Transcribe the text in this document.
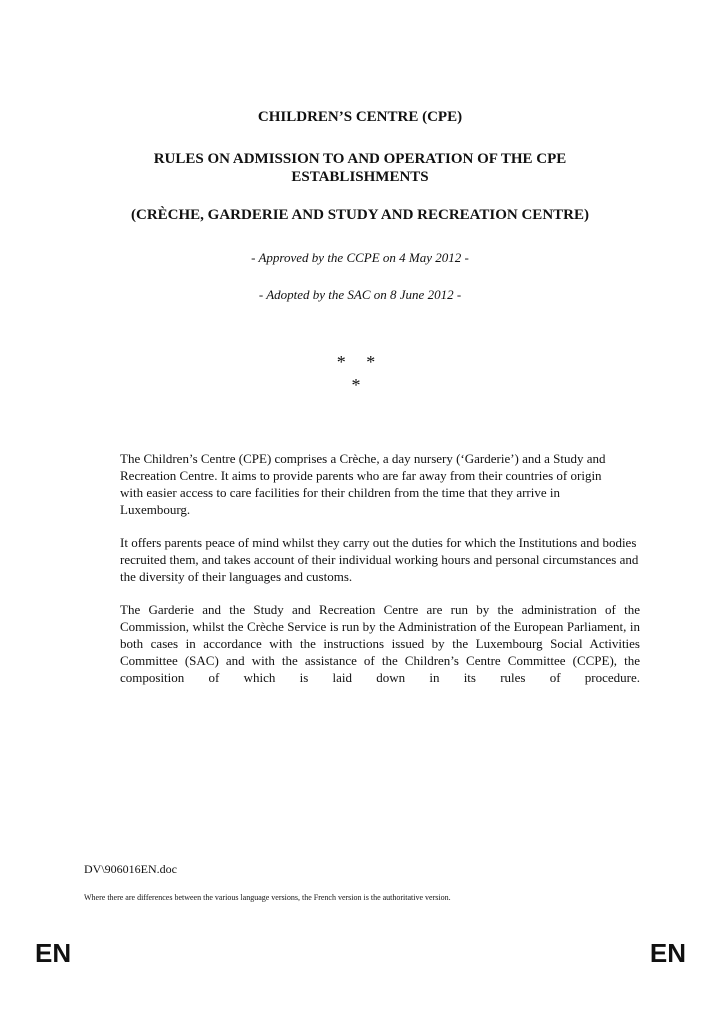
CHILDREN’S CENTRE (CPE)
RULES ON ADMISSION TO AND OPERATION OF THE CPE ESTABLISHMENTS
(CRÈCHE, GARDERIE AND STUDY AND RECREATION CENTRE)
- Approved by the CCPE on 4 May 2012 -
- Adopted by the SAC on 8 June 2012 -
* *
*
The Children’s Centre (CPE) comprises a Crèche, a day nursery (‘Garderie’) and a Study and Recreation Centre. It aims to provide parents who are far away from their countries of origin with easier access to care facilities for their children from the time that they arrive in Luxembourg.
It offers parents peace of mind whilst they carry out the duties for which the Institutions and bodies recruited them, and takes account of their individual working hours and personal circumstances and the diversity of their languages and customs.
The Garderie and the Study and Recreation Centre are run by the administration of the Commission, whilst the Crèche Service is run by the Administration of the European Parliament, in both cases in accordance with the instructions issued by the Luxembourg Social Activities Committee (SAC) and with the assistance of the Children’s Centre Committee (CCPE), the composition of which is laid down in its rules of procedure.
DV\906016EN.doc
Where there are differences between the various language versions, the French version is the authoritative version.
EN	EN
